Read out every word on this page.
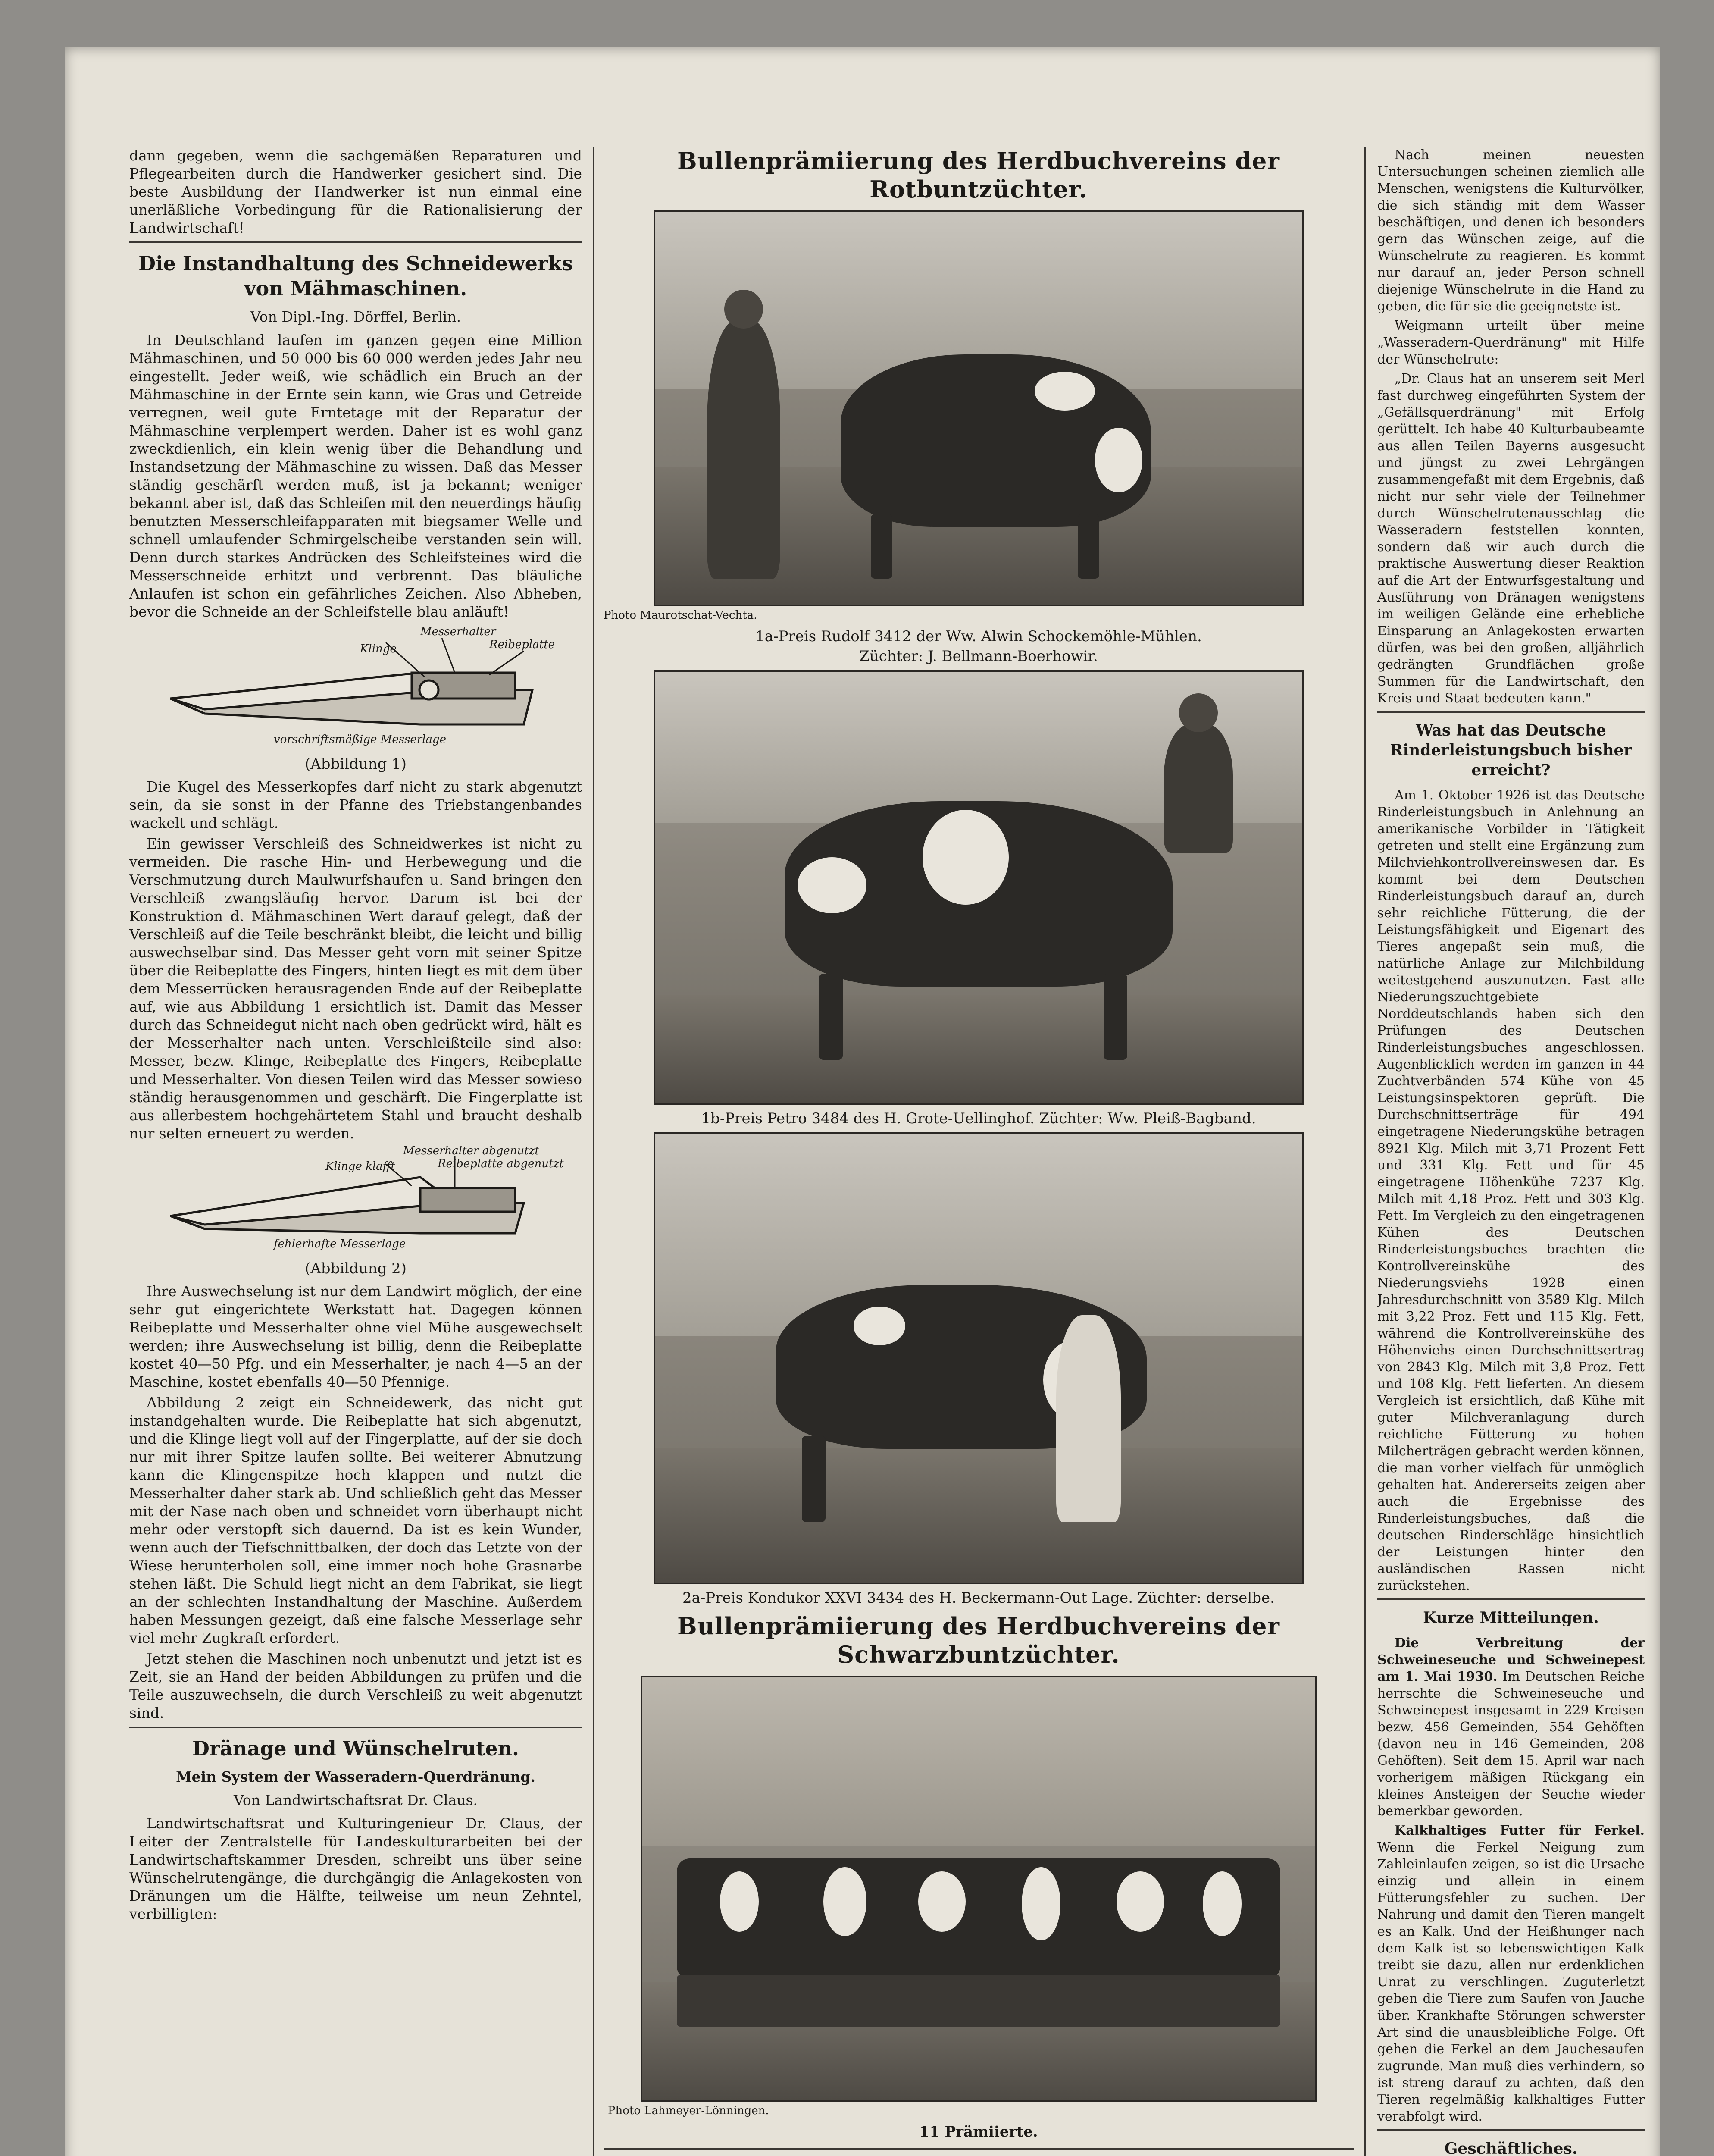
dann gegeben, wenn die sachgemäßen Reparaturen und Pflegearbeiten durch die Handwerker gesichert sind. Die beste Ausbildung der Handwerker ist nun einmal eine unerläßliche Vorbedingung für die Rationalisierung der Landwirtschaft!

Die Instandhaltung des Schneidewerks von Mähmaschinen.
Von Dipl.-Ing. Dörffel, Berlin.

In Deutschland laufen im ganzen gegen eine Million Mähmaschinen, und 50 000 bis 60 000 werden jedes Jahr neu eingestellt. Jeder weiß, wie schädlich ein Bruch an der Mähmaschine in der Ernte sein kann, wie Gras und Getreide verregnen, weil gute Erntetage mit der Reparatur der Mähmaschine verplempert werden. Daher ist es wohl ganz zweckdienlich, ein klein wenig über die Behandlung und Instandsetzung der Mähmaschine zu wissen. Daß das Messer ständig geschärft werden muß, ist ja bekannt; weniger bekannt aber ist, daß das Schleifen mit den neuerdings häufig benutzten Messerschleifapparaten mit biegsamer Welle und schnell umlaufender Schmirgelscheibe verstanden sein will. Denn durch starkes Andrücken des Schleifsteines wird die Messerschneide erhitzt und verbrennt. Das bläuliche Anlaufen ist schon ein gefährliches Zeichen. Also Abheben, bevor die Schneide an der Schleifstelle blau anläuft!

Messerhalter
Reibeplatte
Klinge
vorschriftsmäßige Messerlage
(Abbildung 1)

Die Kugel des Messerkopfes darf nicht zu stark abgenutzt sein, da sie sonst in der Pfanne des Triebstangenbandes wackelt und schlägt.

Ein gewisser Verschleiß des Schneidwerkes ist nicht zu vermeiden. Die rasche Hin- und Herbewegung und die Verschmutzung durch Maulwurfshaufen u. Sand bringen den Verschleiß zwangsläufig hervor. Darum ist bei der Konstruktion d. Mähmaschinen Wert darauf gelegt, daß der Verschleiß auf die Teile beschränkt bleibt, die leicht und billig auswechselbar sind. Das Messer geht vorn mit seiner Spitze über die Reibeplatte des Fingers, hinten liegt es mit dem über dem Messerrücken herausragenden Ende auf der Reibeplatte auf, wie aus Abbildung 1 ersichtlich ist. Damit das Messer durch das Schneidegut nicht nach oben gedrückt wird, hält es der Messerhalter nach unten. Verschleißteile sind also: Messer, bezw. Klinge, Reibeplatte des Fingers, Reibeplatte und Messerhalter. Von diesen Teilen wird das Messer sowieso ständig herausgenommen und geschärft. Die Fingerplatte ist aus allerbestem hochgehärtetem Stahl und braucht deshalb nur selten erneuert zu werden.

Messerhalter abgenutzt
Reibeplatte abgenutzt
Klinge klafft
fehlerhafte Messerlage
(Abbildung 2)

Ihre Auswechselung ist nur dem Landwirt möglich, der eine sehr gut eingerichtete Werkstatt hat. Dagegen können Reibeplatte und Messerhalter ohne viel Mühe ausgewechselt werden; ihre Auswechselung ist billig, denn die Reibeplatte kostet 40—50 Pfg. und ein Messerhalter, je nach 4—5 an der Maschine, kostet ebenfalls 40—50 Pfennige.

Abbildung 2 zeigt ein Schneidewerk, das nicht gut instandgehalten wurde. Die Reibeplatte hat sich abgenutzt, und die Klinge liegt voll auf der Fingerplatte, auf der sie doch nur mit ihrer Spitze laufen sollte. Bei weiterer Abnutzung kann die Klingenspitze hoch klappen und nutzt die Messerhalter daher stark ab. Und schließlich geht das Messer mit der Nase nach oben und schneidet vorn überhaupt nicht mehr oder verstopft sich dauernd. Da ist es kein Wunder, wenn auch der Tiefschnittbalken, der doch das Letzte von der Wiese herunterholen soll, eine immer noch hohe Grasnarbe stehen läßt. Die Schuld liegt nicht an dem Fabrikat, sie liegt an der schlechten Instandhaltung der Maschine. Außerdem haben Messungen gezeigt, daß eine falsche Messerlage sehr viel mehr Zugkraft erfordert.

Jetzt stehen die Maschinen noch unbenutzt und jetzt ist es Zeit, sie an Hand der beiden Abbildungen zu prüfen und die Teile auszuwechseln, die durch Verschleiß zu weit abgenutzt sind.

Dränage und Wünschelruten.
Mein System der Wasseradern-Querdränung.
Von Landwirtschaftsrat Dr. Claus.

Landwirtschaftsrat und Kulturingenieur Dr. Claus, der Leiter der Zentralstelle für Landeskulturarbeiten bei der Landwirtschaftskammer Dresden, schreibt uns über seine Wünschelrutengänge, die durchgängig die Anlagekosten von Dränungen um die Hälfte, teilweise um neun Zehntel, verbilligten:

Bullenprämiierung des Herdbuchvereins der Rotbuntzüchter.
Photo Maurotschat-Vechta.
1a-Preis Rudolf 3412 der Ww. Alwin Schockemöhle-Mühlen.
Züchter: J. Bellmann-Boerhowir.
1b-Preis Petro 3484 des H. Grote-Uellinghof. Züchter: Ww. Pleiß-Bagband.
2a-Preis Kondukor XXVI 3434 des H. Beckermann-Out Lage. Züchter: derselbe.
Bullenprämiierung des Herdbuchvereins der Schwarzbuntzüchter.
Photo Lahmeyer-Lönningen.
11 Prämiierte.

Nach meinen neuesten Untersuchungen scheinen ziemlich alle Menschen, wenigstens die Kulturvölker, die sich ständig mit dem Wasser beschäftigen, und denen ich besonders gern das Wünschen zeige, auf die Wünschelrute zu reagieren. Es kommt nur darauf an, jeder Person schnell diejenige Wünschelrute in die Hand zu geben, die für sie die geeignetste ist.

Weigmann urteilt über meine „Wasseradern-Querdränung" mit Hilfe der Wünschelrute:

„Dr. Claus hat an unserem seit Merl fast durchweg eingeführten System der „Gefällsquerdränung" mit Erfolg gerüttelt. Ich habe 40 Kulturbaubeamte aus allen Teilen Bayerns ausgesucht und jüngst zu zwei Lehrgängen zusammengefaßt mit dem Ergebnis, daß nicht nur sehr viele der Teilnehmer durch Wünschelrutenausschlag die Wasseradern feststellen konnten, sondern daß wir auch durch die praktische Auswertung dieser Reaktion auf die Art der Entwurfsgestaltung und Ausführung von Dränagen wenigstens im weiligen Gelände eine erhebliche Einsparung an Anlagekosten erwarten dürfen, was bei den großen, alljährlich gedrängten Grundflächen große Summen für die Landwirtschaft, den Kreis und Staat bedeuten kann."

Was hat das Deutsche Rinderleistungsbuch bisher erreicht?

Am 1. Oktober 1926 ist das Deutsche Rinderleistungsbuch in Anlehnung an amerikanische Vorbilder in Tätigkeit getreten und stellt eine Ergänzung zum Milchviehkontrollvereinswesen dar. Es kommt bei dem Deutschen Rinderleistungsbuch darauf an, durch sehr reichliche Fütterung, die der Leistungsfähigkeit und Eigenart des Tieres angepaßt sein muß, die natürliche Anlage zur Milchbildung weitestgehend auszunutzen. Fast alle Niederungszuchtgebiete Norddeutschlands haben sich den Prüfungen des Deutschen Rinderleistungsbuches angeschlossen. Augenblicklich werden im ganzen in 44 Zuchtverbänden 574 Kühe von 45 Leistungsinspektoren geprüft. Die Durchschnittserträge für 494 eingetragene Niederungskühe betragen 8921 Klg. Milch mit 3,71 Prozent Fett und 331 Klg. Fett und für 45 eingetragene Höhenkühe 7237 Klg. Milch mit 4,18 Proz. Fett und 303 Klg. Fett. Im Vergleich zu den eingetragenen Kühen des Deutschen Rinderleistungsbuches brachten die Kontrollvereinskühe des Niederungsviehs 1928 einen Jahresdurchschnitt von 3589 Klg. Milch mit 3,22 Proz. Fett und 115 Klg. Fett, während die Kontrollvereinskühe des Höhenviehs einen Durchschnittsertrag von 2843 Klg. Milch mit 3,8 Proz. Fett und 108 Klg. Fett lieferten. An diesem Vergleich ist ersichtlich, daß Kühe mit guter Milchveranlagung durch reichliche Fütterung zu hohen Milcherträgen gebracht werden können, die man vorher vielfach für unmöglich gehalten hat. Andererseits zeigen aber auch die Ergebnisse des Rinderleistungsbuches, daß die deutschen Rinderschläge hinsichtlich der Leistungen hinter den ausländischen Rassen nicht zurückstehen.

Kurze Mitteilungen.

Die Verbreitung der Schweineseuche und Schweinepest am 1. Mai 1930. Im Deutschen Reiche herrschte die Schweineseuche und Schweinepest insgesamt in 229 Kreisen bezw. 456 Gemeinden, 554 Gehöften (davon neu in 146 Gemeinden, 208 Gehöften). Seit dem 15. April war nach vorherigem mäßigen Rückgang ein kleines Ansteigen der Seuche wieder bemerkbar geworden.

Kalkhaltiges Futter für Ferkel. Wenn die Ferkel Neigung zum Zahleinlaufen zeigen, so ist die Ursache einzig und allein in einem Fütterungsfehler zu suchen. Der Nahrung und damit den Tieren mangelt es an Kalk. Und der Heißhunger nach dem Kalk ist so lebenswichtigen Kalk treibt sie dazu, allen nur erdenklichen Unrat zu verschlingen. Zuguterletzt geben die Tiere zum Saufen von Jauche über. Krankhafte Störungen schwerster Art sind die unausbleibliche Folge. Oft gehen die Ferkel an dem Jauchesaufen zugrunde. Man muß dies verhindern, so ist streng darauf zu achten, daß den Tieren regelmäßig kalkhaltiges Futter verabfolgt wird.

Geschäftliches.
